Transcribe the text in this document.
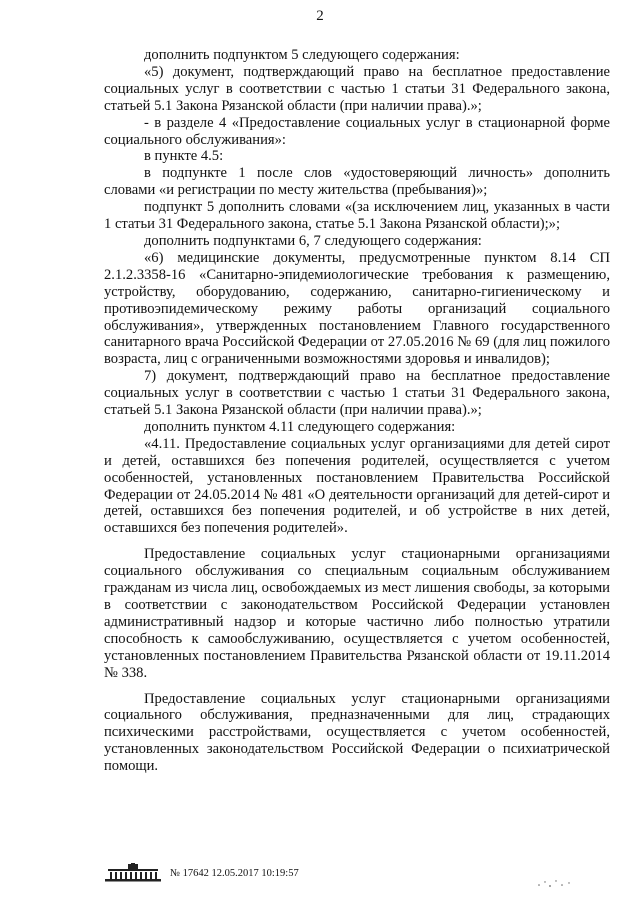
2

дополнить подпунктом 5 следующего содержания:

«5) документ, подтверждающий право на бесплатное предоставление социальных услуг в соответствии с частью 1 статьи 31 Федерального закона, статьей 5.1 Закона Рязанской области (при наличии права).»;

- в разделе 4 «Предоставление социальных услуг в стационарной форме социального обслуживания»:

в пункте 4.5:

в подпункте 1 после слов «удостоверяющий личность» дополнить словами «и регистрации по месту жительства (пребывания)»;

подпункт 5 дополнить словами «(за исключением лиц, указанных в части 1 статьи 31 Федерального закона, статье 5.1 Закона Рязанской области);»;

дополнить подпунктами 6, 7 следующего содержания:

«6) медицинские документы, предусмотренные пунктом 8.14 СП 2.1.2.3358-16 «Санитарно-эпидемиологические требования к размещению, устройству, оборудованию, содержанию, санитарно-гигиеническому и противоэпидемическому режиму работы организаций социального обслуживания», утвержденных постановлением Главного государственного санитарного врача Российской Федерации от 27.05.2016 № 69 (для лиц пожилого возраста, лиц с ограниченными возможностями здоровья и инвалидов);

7) документ, подтверждающий право на бесплатное предоставление социальных услуг в соответствии с частью 1 статьи 31 Федерального закона, статьей 5.1 Закона Рязанской области (при наличии права).»;

дополнить пунктом 4.11 следующего содержания:

«4.11. Предоставление социальных услуг организациями для детей сирот и детей, оставшихся без попечения родителей, осуществляется с учетом особенностей, установленных постановлением Правительства Российской Федерации от 24.05.2014 № 481 «О деятельности организаций для детей-сирот и детей, оставшихся без попечения родителей, и об устройстве в них детей, оставшихся без попечения родителей».

Предоставление социальных услуг стационарными организациями социального обслуживания со специальным социальным обслуживанием гражданам из числа лиц, освобождаемых из мест лишения свободы, за которыми в соответствии с законодательством Российской Федерации установлен административный надзор и которые частично либо полностью утратили способность к самообслуживанию, осуществляется с учетом особенностей, установленных постановлением Правительства Рязанской области от 19.11.2014 № 338.

Предоставление социальных услуг стационарными организациями социального обслуживания, предназначенными для лиц, страдающих психическими расстройствами, осуществляется с учетом особенностей, установленных законодательством Российской Федерации о психиатрической помощи.

№ 17642 12.05.2017 10:19:57
